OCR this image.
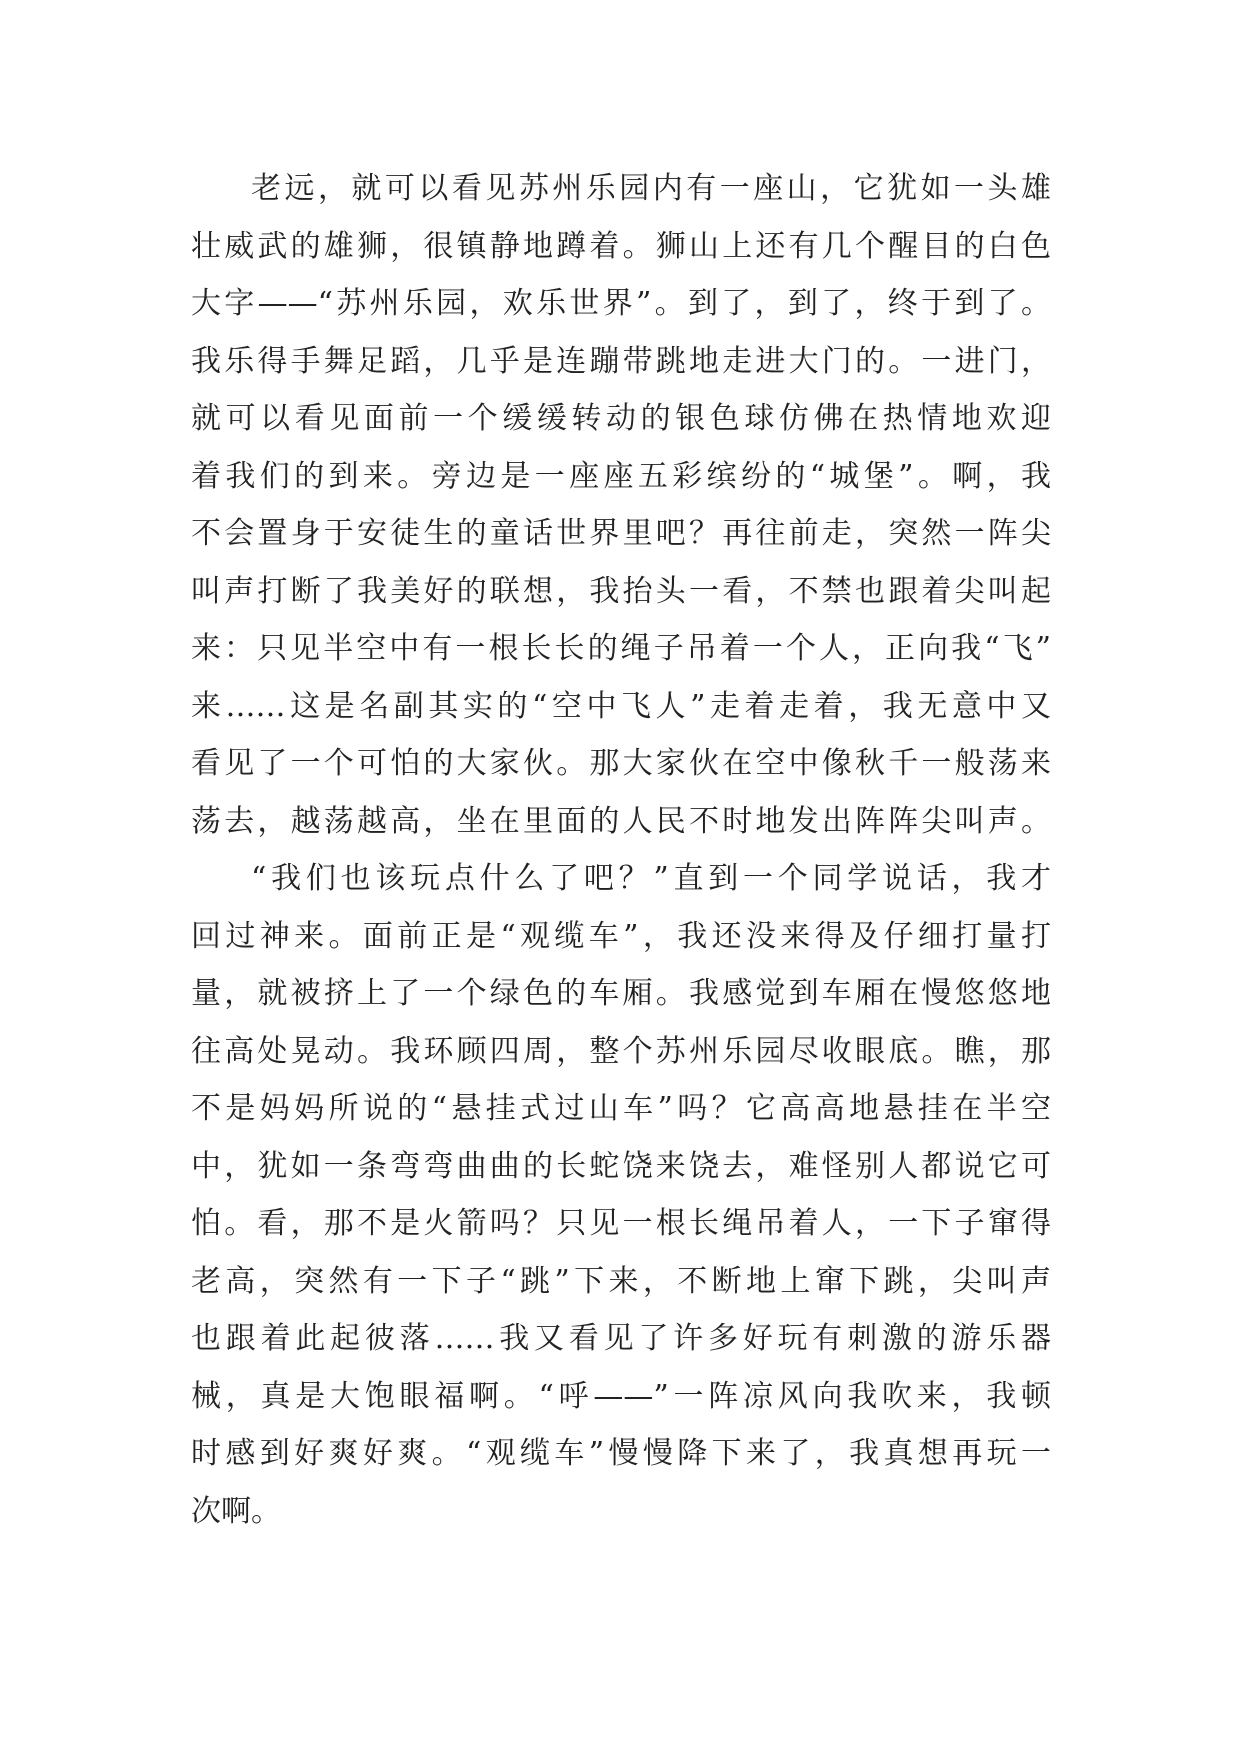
老远，就可以看见苏州乐园内有一座山，它犹如一头雄
壮威武的雄狮，很镇静地蹲着。狮山上还有几个醒目的白色
大字——“苏州乐园，欢乐世界”。到了，到了，终于到了。
我乐得手舞足蹈，几乎是连蹦带跳地走进大门的。一进门，
就可以看见面前一个缓缓转动的银色球仿佛在热情地欢迎
着我们的到来。旁边是一座座五彩缤纷的“城堡”。啊，我
不会置身于安徒生的童话世界里吧？再往前走，突然一阵尖
叫声打断了我美好的联想，我抬头一看，不禁也跟着尖叫起
来：只见半空中有一根长长的绳子吊着一个人，正向我“飞”
来……这是名副其实的“空中飞人”走着走着，我无意中又
看见了一个可怕的大家伙。那大家伙在空中像秋千一般荡来
荡去，越荡越高，坐在里面的人民不时地发出阵阵尖叫声。
“我们也该玩点什么了吧？”直到一个同学说话，我才
回过神来。面前正是“观缆车”，我还没来得及仔细打量打
量，就被挤上了一个绿色的车厢。我感觉到车厢在慢悠悠地
往高处晃动。我环顾四周，整个苏州乐园尽收眼底。瞧，那
不是妈妈所说的“悬挂式过山车”吗？它高高地悬挂在半空
中，犹如一条弯弯曲曲的长蛇饶来饶去，难怪别人都说它可
怕。看，那不是火箭吗？只见一根长绳吊着人，一下子窜得
老高，突然有一下子“跳”下来，不断地上窜下跳，尖叫声
也跟着此起彼落……我又看见了许多好玩有刺激的游乐器
械，真是大饱眼福啊。“呼——”一阵凉风向我吹来，我顿
时感到好爽好爽。“观缆车”慢慢降下来了，我真想再玩一
次啊。
